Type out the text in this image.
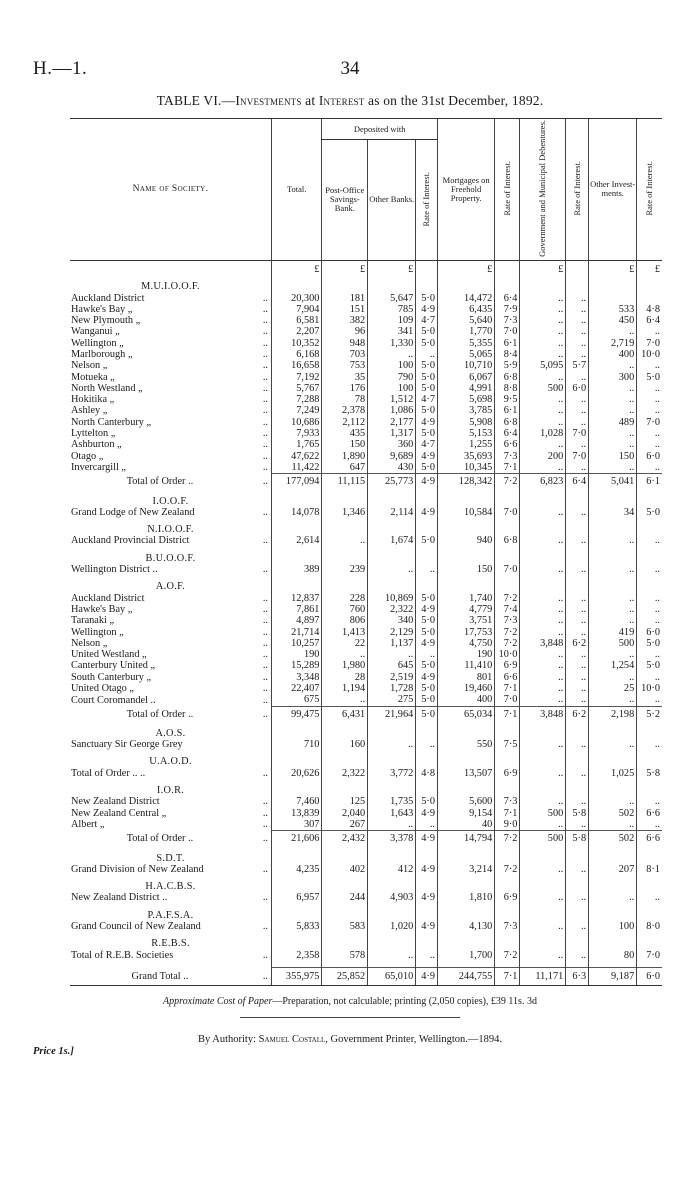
H.—1.	34
TABLE VI.—Investments at Interest as on the 31st December, 1892.
Name of Society.		Total.	Deposited with			Mortgages on Freehold Property.	Rate of Interest.	Government and Municipal Debentures.	Rate of Interest.	Other Invest-ments.	Rate of Interest.
			Post-Office Savings-Bank.	Other Banks.	Rate of Interest.						
		£	£	£		£		£		£	£
M.U.I.O.O.F.											
Auckland District	..	20,300	181	5,647	5·0	14,472	6·4	..	..		
Hawke's Bay „	..	7,904	151	785	4·9	6,435	7·9	..	..	533	4·8
New Plymouth „	..	6,581	382	109	4·7	5,640	7·3	..	..	450	6·4
Wanganui „	..	2,207	96	341	5·0	1,770	7·0	..	..	..	..
Wellington „	..	10,352	948	1,330	5·0	5,355	6·1	..	..	2,719	7·0
Marlborough „	..	6,168	703	..	..	5,065	8·4	..	..	400	10·0
Nelson „	..	16,658	753	100	5·0	10,710	5·9	5,095	5·7	..	..
Motueka „	..	7,192	35	790	5·0	6,067	6·8	..	..	300	5·0
North Westland „	..	5,767	176	100	5·0	4,991	8·8	500	6·0	..	..
Hokitika „	..	7,288	78	1,512	4·7	5,698	9·5	..	..	..	..
Ashley „	..	7,249	2,378	1,086	5·0	3,785	6·1	..	..	..	..
North Canterbury „	..	10,686	2,112	2,177	4·9	5,908	6·8	..	..	489	7·0
Lyttelton „	..	7,933	435	1,317	5·0	5,153	6·4	1,028	7·0	..	..
Ashburton „	..	1,765	150	360	4·7	1,255	6·6	..	..	..	..
Otago „	..	47,622	1,890	9,689	4·9	35,693	7·3	200	7·0	150	6·0
Invercargill „	..	11,422	647	430	5·0	10,345	7·1	..	..	..	..
Total of Order ..	..	177,094	11,115	25,773	4·9	128,342	7·2	6,823	6·4	5,041	6·1
I.O.O.F.											
Grand Lodge of New Zealand	..	14,078	1,346	2,114	4·9	10,584	7·0	..	..	34	5·0
N.I.O.O.F.											
Auckland Provincial District	..	2,614	..	1,674	5·0	940	6·8	..	..	..	..
B.U.O.O.F.											
Wellington District ..	..	389	239	..	..	150	7·0	..	..	..	..
A.O.F.											
Auckland District	..	12,837	228	10,869	5·0	1,740	7·2	..	..	..	..
Hawke's Bay „	..	7,861	760	2,322	4·9	4,779	7·4	..	..	..	..
Taranaki „	..	4,897	806	340	5·0	3,751	7·3	..	..	..	..
Wellington „	..	21,714	1,413	2,129	5·0	17,753	7·2	..	..	419	6·0
Nelson „	..	10,257	22	1,137	4·9	4,750	7·2	3,848	6·2	500	5·0
United Westland „	..	190	..	..	..	190	10·0	..	..	..	..
Canterbury United „	..	15,289	1,980	645	5·0	11,410	6·9	..	..	1,254	5·0
South Canterbury „	..	3,348	28	2,519	4·9	801	6·6	..	..	..	..
United Otago „	..	22,407	1,194	1,728	5·0	19,460	7·1	..	..	25	10·0
Court Coromandel ..	..	675	..	275	5·0	400	7·0	..	..	..	..
Total of Order ..	..	99,475	6,431	21,964	5·0	65,034	7·1	3,848	6·2	2,198	5·2
A.O.S.											
Sanctuary Sir George Grey		710	160	..	..	550	7·5	..	..	..	..
U.A.O.D.											
Total of Order .. ..	..	20,626	2,322	3,772	4·8	13,507	6·9	..	..	1,025	5·8
I.O.R.											
New Zealand District	..	7,460	125	1,735	5·0	5,600	7·3	..	..	..	..
New Zealand Central „	..	13,839	2,040	1,643	4·9	9,154	7·1	500	5·8	502	6·6
Albert „	..	307	267	..	..	40	9·0	..	..	..	..
Total of Order ..	..	21,606	2,432	3,378	4·9	14,794	7·2	500	5·8	502	6·6
S.D.T.											
Grand Division of New Zealand	..	4,235	402	412	4·9	3,214	7·2	..	..	207	8·1
H.A.C.B.S.											
New Zealand District ..	..	6,957	244	4,903	4·9	1,810	6·9	..	..	..	..
P.A.F.S.A.											
Grand Council of New Zealand	..	5,833	583	1,020	4·9	4,130	7·3	..	..	100	8·0
R.E.B.S.											
Total of R.E.B. Societies	..	2,358	578	..	..	1,700	7·2	..	..	80	7·0

Grand Total ..	..	355,975	25,852	65,010	4·9	244,755	7·1	11,171	6·3	9,187	6·0
Approximate Cost of Paper—Preparation, not calculable; printing (2,050 copies), £39 11s. 3d
By Authority: Samuel Costall, Government Printer, Wellington.—1894.
Price 1s.]
